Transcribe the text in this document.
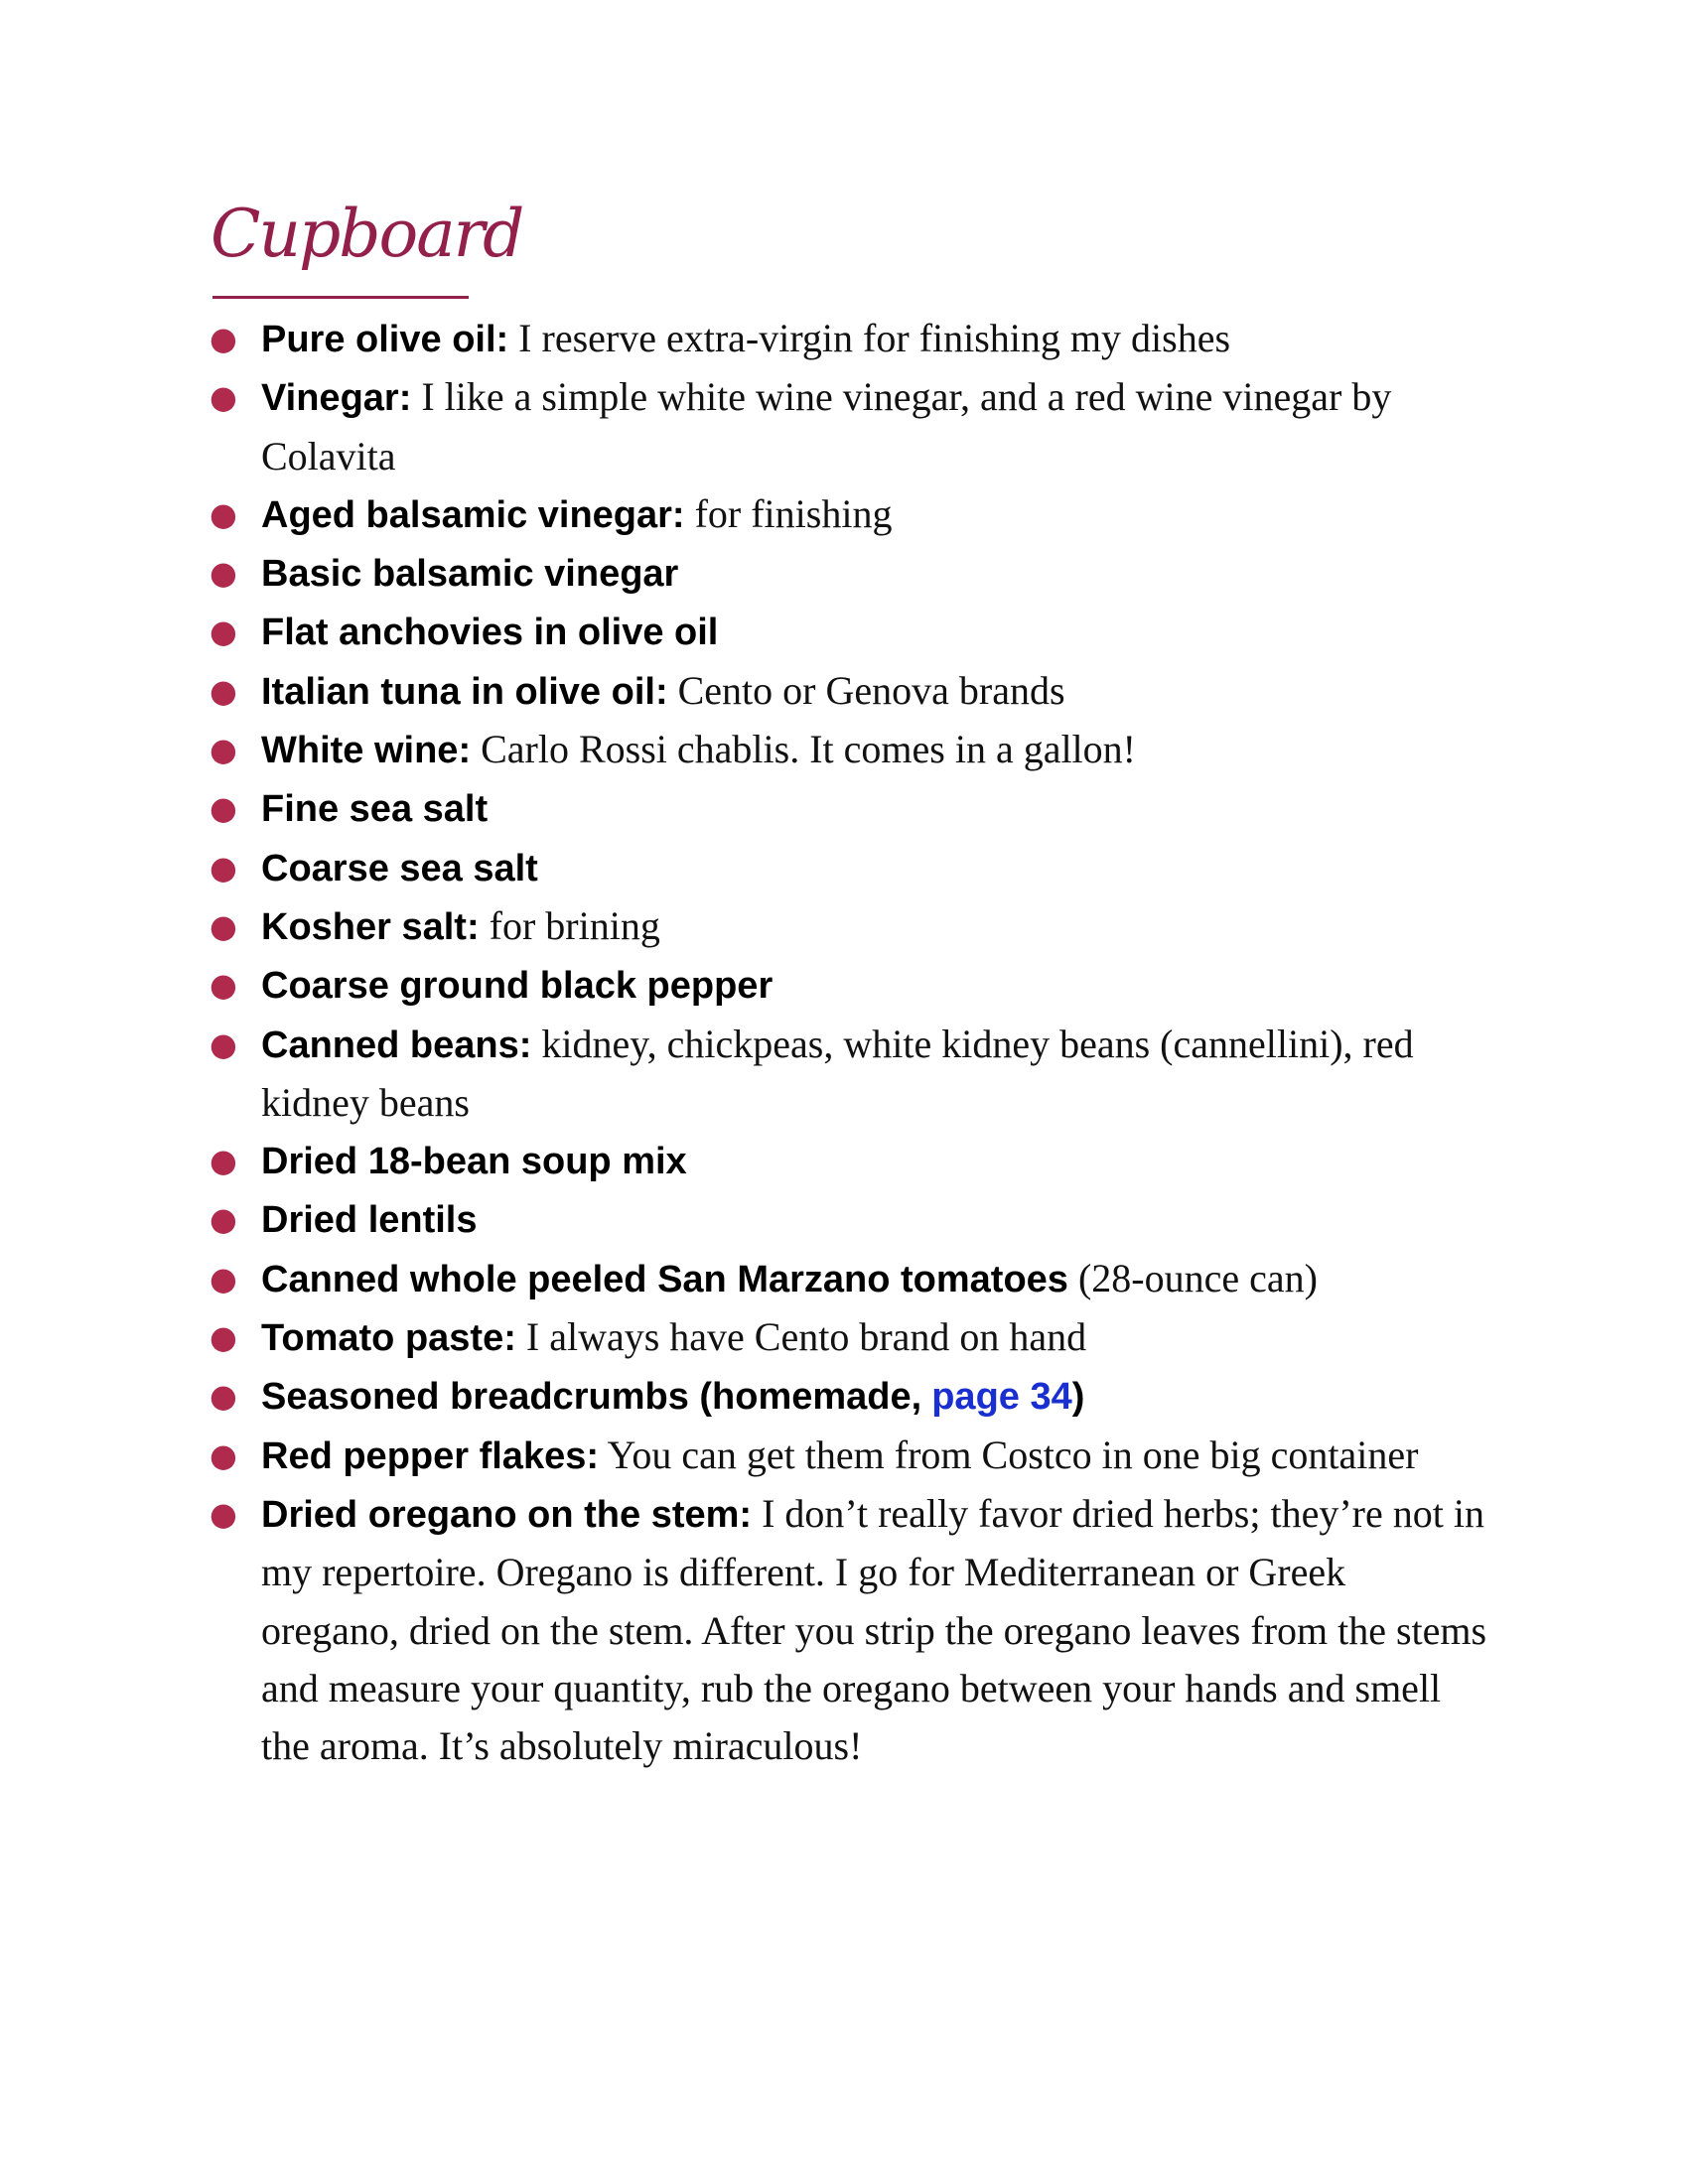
Cupboard
● Pure olive oil: I reserve extra-virgin for finishing my dishes
● Vinegar: I like a simple white wine vinegar, and a red wine vinegar by Colavita
● Aged balsamic vinegar: for finishing
● Basic balsamic vinegar
● Flat anchovies in olive oil
● Italian tuna in olive oil: Cento or Genova brands
● White wine: Carlo Rossi chablis. It comes in a gallon!
● Fine sea salt
● Coarse sea salt
● Kosher salt: for brining
● Coarse ground black pepper
● Canned beans: kidney, chickpeas, white kidney beans (cannellini), red kidney beans
● Dried 18-bean soup mix
● Dried lentils
● Canned whole peeled San Marzano tomatoes (28-ounce can)
● Tomato paste: I always have Cento brand on hand
● Seasoned breadcrumbs (homemade, page 34)
● Red pepper flakes: You can get them from Costco in one big container
● Dried oregano on the stem: I don’t really favor dried herbs; they’re not in my repertoire. Oregano is different. I go for Mediterranean or Greek oregano, dried on the stem. After you strip the oregano leaves from the stems and measure your quantity, rub the oregano between your hands and smell the aroma. It’s absolutely miraculous!
